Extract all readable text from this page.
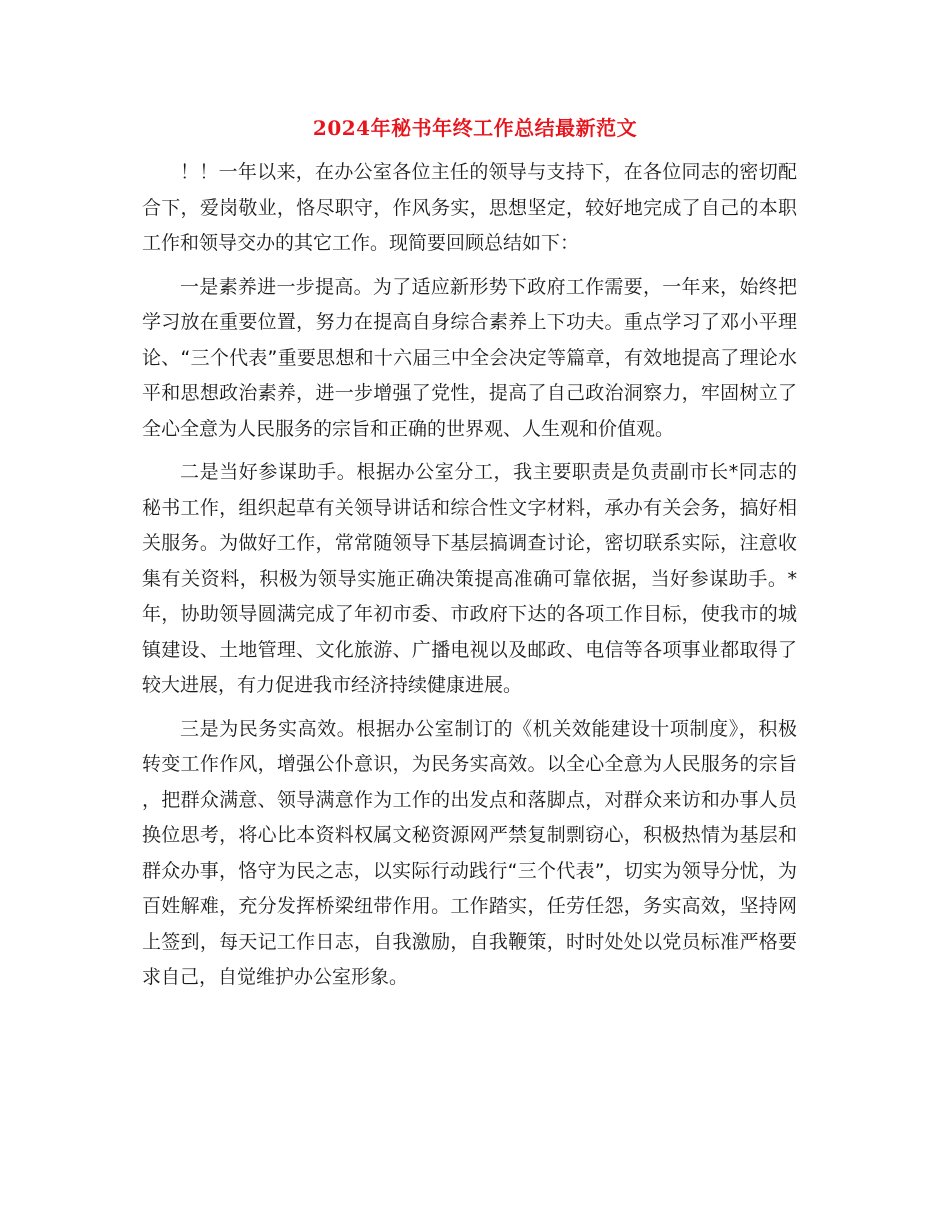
2024年秘书年终工作总结最新范文

！！一年以来，在办公室各位主任的领导与支持下，在各位同志的密切配合下，爱岗敬业，恪尽职守，作风务实，思想坚定，较好地完成了自己的本职工作和领导交办的其它工作。现简要回顾总结如下：

一是素养进一步提高。为了适应新形势下政府工作需要，一年来，始终把学习放在重要位置，努力在提高自身综合素养上下功夫。重点学习了邓小平理论、“三个代表”重要思想和十六届三中全会决定等篇章，有效地提高了理论水平和思想政治素养，进一步增强了党性，提高了自己政治洞察力，牢固树立了全心全意为人民服务的宗旨和正确的世界观、人生观和价值观。

二是当好参谋助手。根据办公室分工，我主要职责是负责副市长*同志的秘书工作，组织起草有关领导讲话和综合性文字材料，承办有关会务，搞好相关服务。为做好工作，常常随领导下基层搞调查讨论，密切联系实际，注意收集有关资料，积极为领导实施正确决策提高准确可靠依据，当好参谋助手。*年，协助领导圆满完成了年初市委、市政府下达的各项工作目标，使我市的城镇建设、土地管理、文化旅游、广播电视以及邮政、电信等各项事业都取得了较大进展，有力促进我市经济持续健康进展。

三是为民务实高效。根据办公室制订的《机关效能建设十项制度》，积极转变工作作风，增强公仆意识，为民务实高效。以全心全意为人民服务的宗旨，把群众满意、领导满意作为工作的出发点和落脚点，对群众来访和办事人员换位思考，将心比本资料权属文秘资源网严禁复制剽窃心，积极热情为基层和群众办事，恪守为民之志，以实际行动践行“三个代表”，切实为领导分忧，为百姓解难，充分发挥桥梁纽带作用。工作踏实，任劳任怨，务实高效，坚持网上签到，每天记工作日志，自我激励，自我鞭策，时时处处以党员标准严格要求自己，自觉维护办公室形象。
